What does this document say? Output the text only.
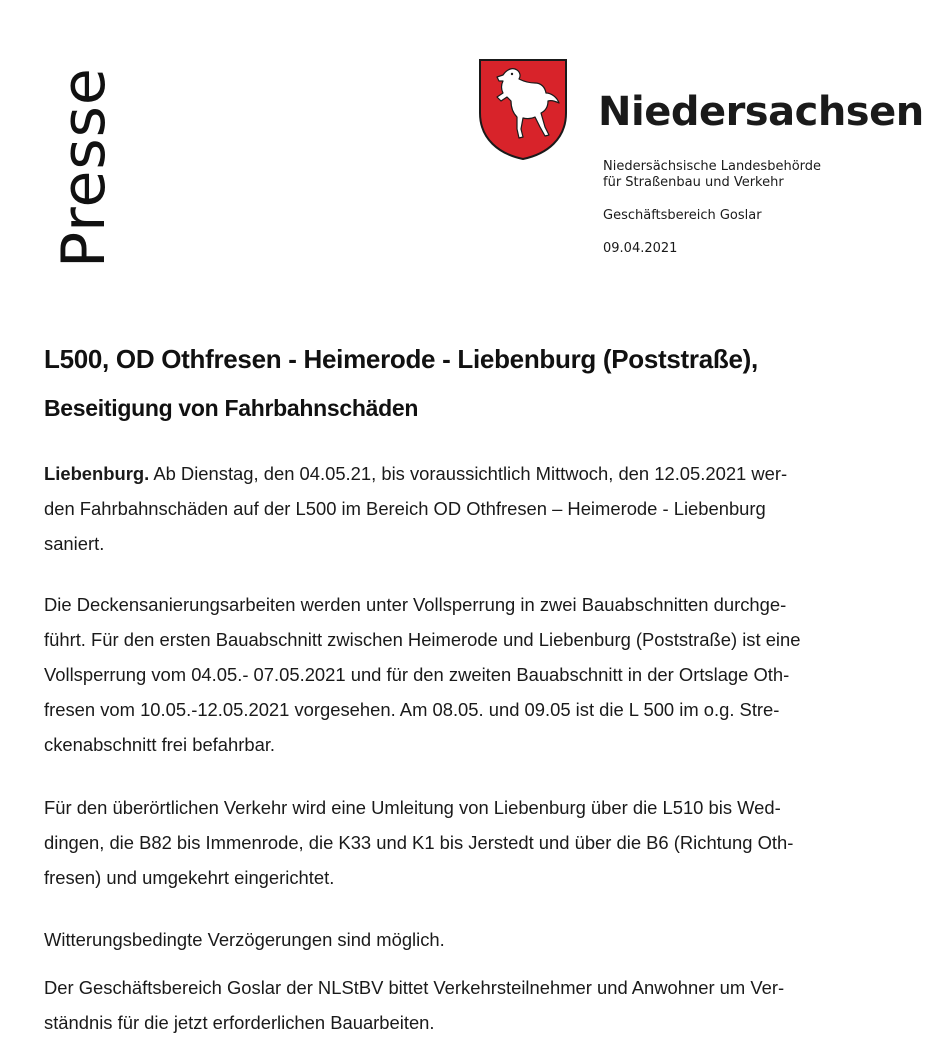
Presse	Niedersachsen
Niedersächsische Landesbehörde
für Straßenbau und Verkehr
Geschäftsbereich Goslar
09.04.2021
L500, OD Othfresen - Heimerode - Liebenburg (Poststraße),
Beseitigung von Fahrbahnschäden
Liebenburg. Ab Dienstag, den 04.05.21, bis voraussichtlich Mittwoch, den 12.05.2021 wer-
den Fahrbahnschäden auf der L500 im Bereich OD Othfresen – Heimerode - Liebenburg
saniert.
Die Deckensanierungsarbeiten werden unter Vollsperrung in zwei Bauabschnitten durchge-
führt. Für den ersten Bauabschnitt zwischen Heimerode und Liebenburg (Poststraße) ist eine
Vollsperrung vom 04.05.- 07.05.2021 und für den zweiten Bauabschnitt in der Ortslage Oth-
fresen vom 10.05.-12.05.2021 vorgesehen. Am 08.05. und 09.05 ist die L 500 im o.g. Stre-
ckenabschnitt frei befahrbar.
Für den überörtlichen Verkehr wird eine Umleitung von Liebenburg über die L510 bis Wed-
dingen, die B82 bis Immenrode, die K33 und K1 bis Jerstedt und über die B6 (Richtung Oth-
fresen) und umgekehrt eingerichtet.
Witterungsbedingte Verzögerungen sind möglich.
Der Geschäftsbereich Goslar der NLStBV bittet Verkehrsteilnehmer und Anwohner um Ver-
ständnis für die jetzt erforderlichen Bauarbeiten.
